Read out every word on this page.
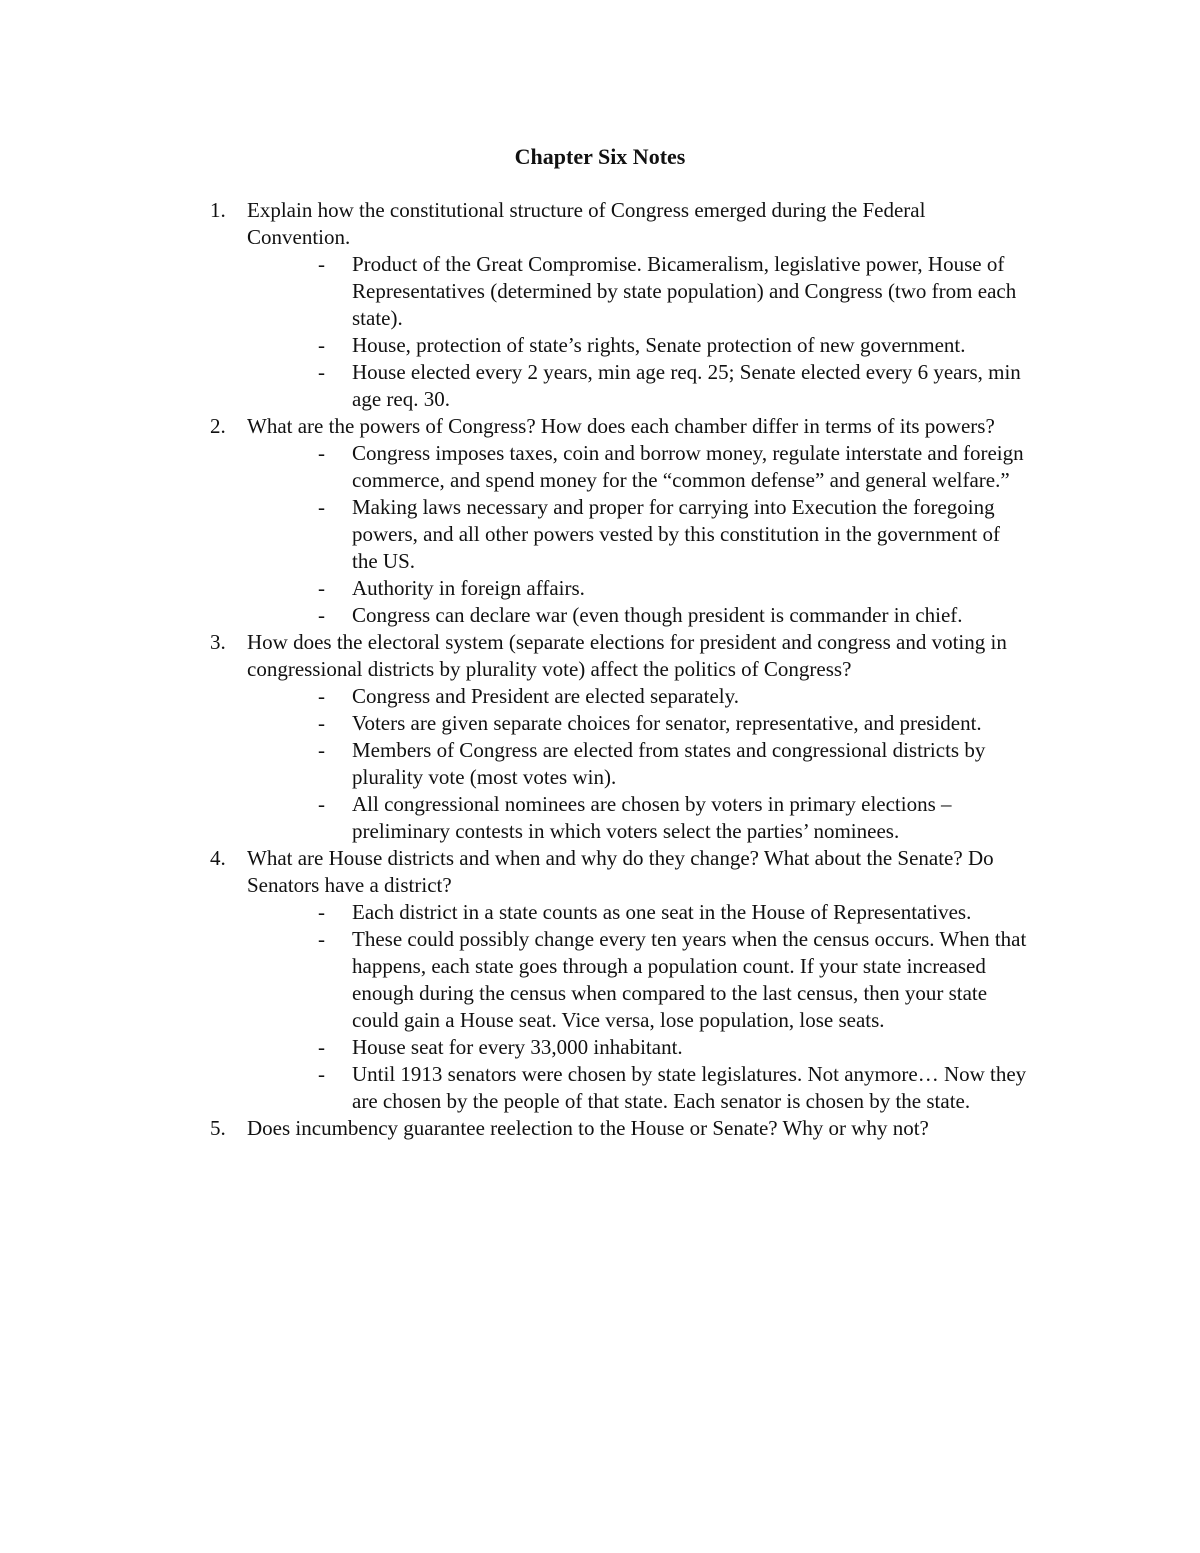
Chapter Six Notes
1.	Explain how the constitutional structure of Congress emerged during the Federal Convention.
- Product of the Great Compromise. Bicameralism, legislative power, House of Representatives (determined by state population) and Congress (two from each state).
- House, protection of state’s rights, Senate protection of new government.
- House elected every 2 years, min age req. 25; Senate elected every 6 years, min age req. 30.
2.	What are the powers of Congress? How does each chamber differ in terms of its powers?
- Congress imposes taxes, coin and borrow money, regulate interstate and foreign commerce, and spend money for the “common defense” and general welfare.”
- Making laws necessary and proper for carrying into Execution the foregoing powers, and all other powers vested by this constitution in the government of the US.
- Authority in foreign affairs.
- Congress can declare war (even though president is commander in chief.
3.	How does the electoral system (separate elections for president and congress and voting in congressional districts by plurality vote) affect the politics of Congress?
- Congress and President are elected separately.
- Voters are given separate choices for senator, representative, and president.
- Members of Congress are elected from states and congressional districts by plurality vote (most votes win).
- All congressional nominees are chosen by voters in primary elections – preliminary contests in which voters select the parties’ nominees.
4.	What are House districts and when and why do they change? What about the Senate? Do Senators have a district?
- Each district in a state counts as one seat in the House of Representatives.
- These could possibly change every ten years when the census occurs. When that happens, each state goes through a population count. If your state increased enough during the census when compared to the last census, then your state could gain a House seat. Vice versa, lose population, lose seats.
- House seat for every 33,000 inhabitant.
- Until 1913 senators were chosen by state legislatures. Not anymore… Now they are chosen by the people of that state. Each senator is chosen by the state.
5.	Does incumbency guarantee reelection to the House or Senate? Why or why not?
